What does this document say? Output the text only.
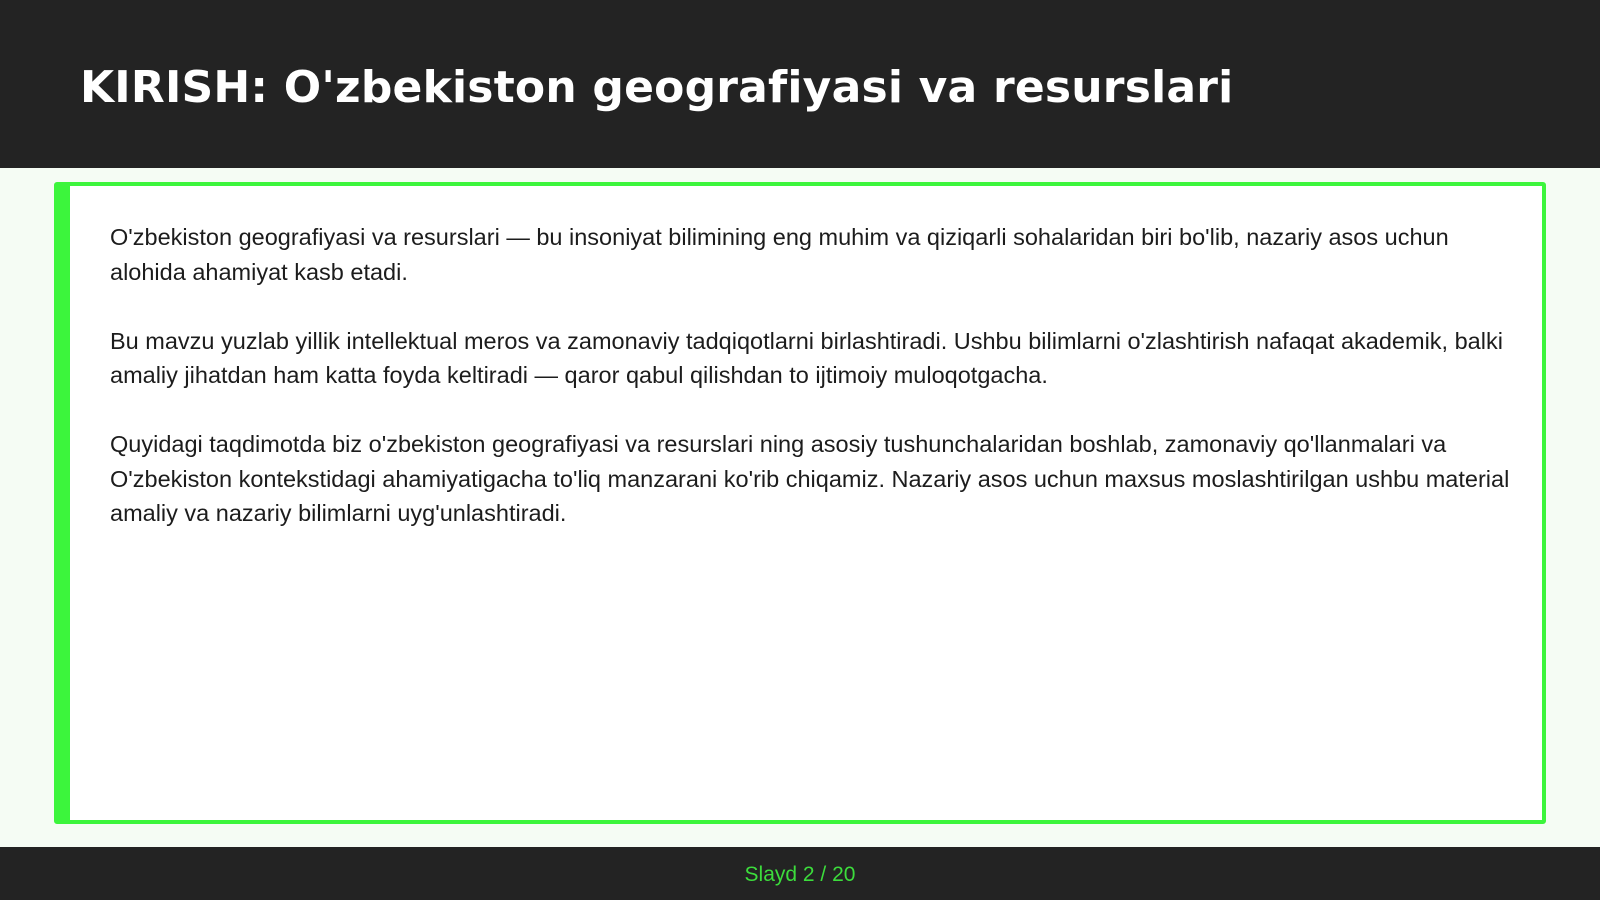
KIRISH: O'zbekiston geografiyasi va resurslari

O'zbekiston geografiyasi va resurslari — bu insoniyat bilimining eng muhim va qiziqarli sohalaridan biri bo'lib, nazariy asos uchun alohida ahamiyat kasb etadi.

Bu mavzu yuzlab yillik intellektual meros va zamonaviy tadqiqotlarni birlashtiradi. Ushbu bilimlarni o'zlashtirish nafaqat akademik, balki amaliy jihatdan ham katta foyda keltiradi — qaror qabul qilishdan to ijtimoiy muloqotgacha.

Quyidagi taqdimotda biz o'zbekiston geografiyasi va resurslari ning asosiy tushunchalaridan boshlab, zamonaviy qo'llanmalari va O'zbekiston kontekstidagi ahamiyatigacha to'liq manzarani ko'rib chiqamiz. Nazariy asos uchun maxsus moslashtirilgan ushbu material amaliy va nazariy bilimlarni uyg'unlashtiradi.

Slayd 2 / 20
